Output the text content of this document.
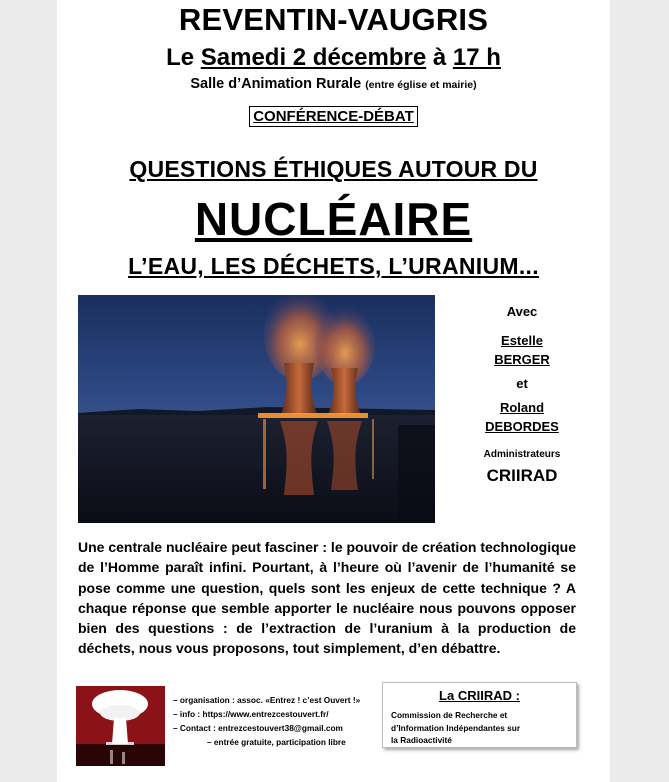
REVENTIN-VAUGRIS
Le Samedi 2 décembre à 17 h
Salle d’Animation Rurale (entre église et mairie)
CONFÉRENCE-DÉBAT
QUESTIONS ÉTHIQUES AUTOUR DU
NUCLÉAIRE
L’EAU, LES DÉCHETS, L’URANIUM...
Avec
Estelle
BERGER
et
Roland
DEBORDES
Administrateurs
CRIIRAD
Une centrale nucléaire peut fasciner : le pouvoir de création technologique de l’Homme paraît infini. Pourtant, à l’heure où l’avenir de l’humanité se pose comme une question, quels sont les enjeux de cette technique ? A chaque réponse que semble apporter le nucléaire nous pouvons opposer bien des questions : de l’extraction de l’uranium à la production de déchets, nous vous proposons, tout simplement, d’en débattre.
– organisation : assoc. «Entrez ! c’est Ouvert !»
– info : https://www.entrezcestouvert.fr/
– Contact : entrezcestouvert38@gmail.com
– entrée gratuite, participation libre
La CRIIRAD :
Commission de Recherche et
d’Information Indépendantes sur
la Radioactivité
